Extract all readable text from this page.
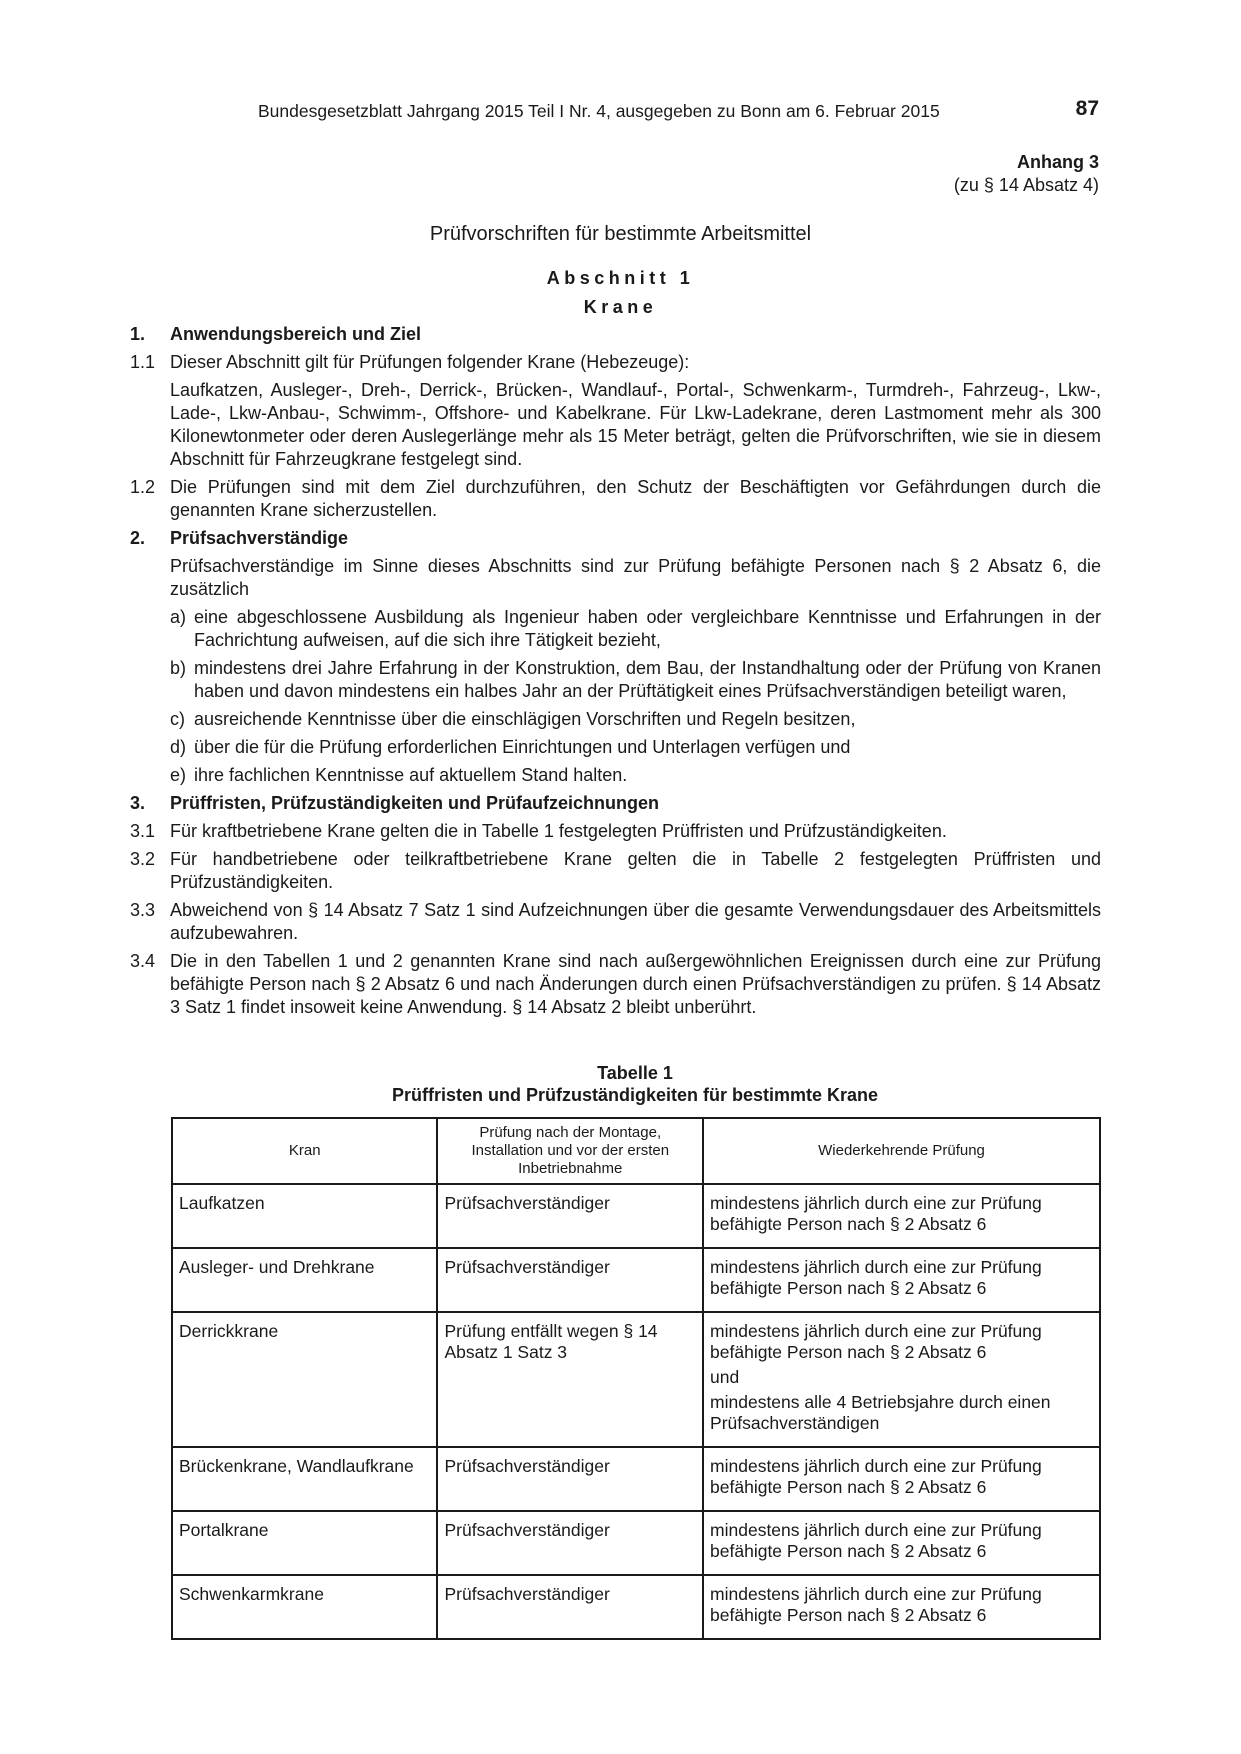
Bundesgesetzblatt Jahrgang 2015 Teil I Nr. 4, ausgegeben zu Bonn am 6. Februar 2015	87
Anhang 3
(zu § 14 Absatz 4)
Prüfvorschriften für bestimmte Arbeitsmittel
Abschnitt 1
Krane
1.	Anwendungsbereich und Ziel
1.1 Dieser Abschnitt gilt für Prüfungen folgender Krane (Hebezeuge):
Laufkatzen, Ausleger-, Dreh-, Derrick-, Brücken-, Wandlauf-, Portal-, Schwenkarm-, Turmdreh-, Fahrzeug-, Lkw-, Lade-, Lkw-Anbau-, Schwimm-, Offshore- und Kabelkrane. Für Lkw-Ladekrane, deren Lastmoment mehr als 300 Kilonewtonmeter oder deren Auslegerlänge mehr als 15 Meter beträgt, gelten die Prüfvorschriften, wie sie in diesem Abschnitt für Fahrzeugkrane festgelegt sind.
1.2 Die Prüfungen sind mit dem Ziel durchzuführen, den Schutz der Beschäftigten vor Gefährdungen durch die genannten Krane sicherzustellen.
2.	Prüfsachverständige
Prüfsachverständige im Sinne dieses Abschnitts sind zur Prüfung befähigte Personen nach § 2 Absatz 6, die zusätzlich
a) eine abgeschlossene Ausbildung als Ingenieur haben oder vergleichbare Kenntnisse und Erfahrungen in der Fachrichtung aufweisen, auf die sich ihre Tätigkeit bezieht,
b) mindestens drei Jahre Erfahrung in der Konstruktion, dem Bau, der Instandhaltung oder der Prüfung von Kranen haben und davon mindestens ein halbes Jahr an der Prüftätigkeit eines Prüfsachverständigen beteiligt waren,
c) ausreichende Kenntnisse über die einschlägigen Vorschriften und Regeln besitzen,
d) über die für die Prüfung erforderlichen Einrichtungen und Unterlagen verfügen und
e) ihre fachlichen Kenntnisse auf aktuellem Stand halten.
3.	Prüffristen, Prüfzuständigkeiten und Prüfaufzeichnungen
3.1 Für kraftbetriebene Krane gelten die in Tabelle 1 festgelegten Prüffristen und Prüfzuständigkeiten.
3.2 Für handbetriebene oder teilkraftbetriebene Krane gelten die in Tabelle 2 festgelegten Prüffristen und Prüfzuständigkeiten.
3.3 Abweichend von § 14 Absatz 7 Satz 1 sind Aufzeichnungen über die gesamte Verwendungsdauer des Arbeitsmittels aufzubewahren.
3.4 Die in den Tabellen 1 und 2 genannten Krane sind nach außergewöhnlichen Ereignissen durch eine zur Prüfung befähigte Person nach § 2 Absatz 6 und nach Änderungen durch einen Prüfsachverständigen zu prüfen. § 14 Absatz 3 Satz 1 findet insoweit keine Anwendung. § 14 Absatz 2 bleibt unberührt.
Tabelle 1
Prüffristen und Prüfzuständigkeiten für bestimmte Krane
Kran	Prüfung nach der Montage, Installation und vor der ersten Inbetriebnahme	Wiederkehrende Prüfung
Laufkatzen	Prüfsachverständiger	mindestens jährlich durch eine zur Prüfung befähigte Person nach § 2 Absatz 6

Ausleger- und Drehkrane	Prüfsachverständiger	mindestens jährlich durch eine zur Prüfung befähigte Person nach § 2 Absatz 6

Derrickkrane	Prüfung entfällt wegen § 14 Absatz 1 Satz 3	mindestens jährlich durch eine zur Prüfung befähigte Person nach § 2 Absatz 6
und
mindestens alle 4 Betriebsjahre durch einen Prüfsachverständigen

Brückenkrane, Wandlaufkrane	Prüfsachverständiger	mindestens jährlich durch eine zur Prüfung befähigte Person nach § 2 Absatz 6

Portalkrane	Prüfsachverständiger	mindestens jährlich durch eine zur Prüfung befähigte Person nach § 2 Absatz 6

Schwenkarmkrane	Prüfsachverständiger	mindestens jährlich durch eine zur Prüfung befähigte Person nach § 2 Absatz 6
